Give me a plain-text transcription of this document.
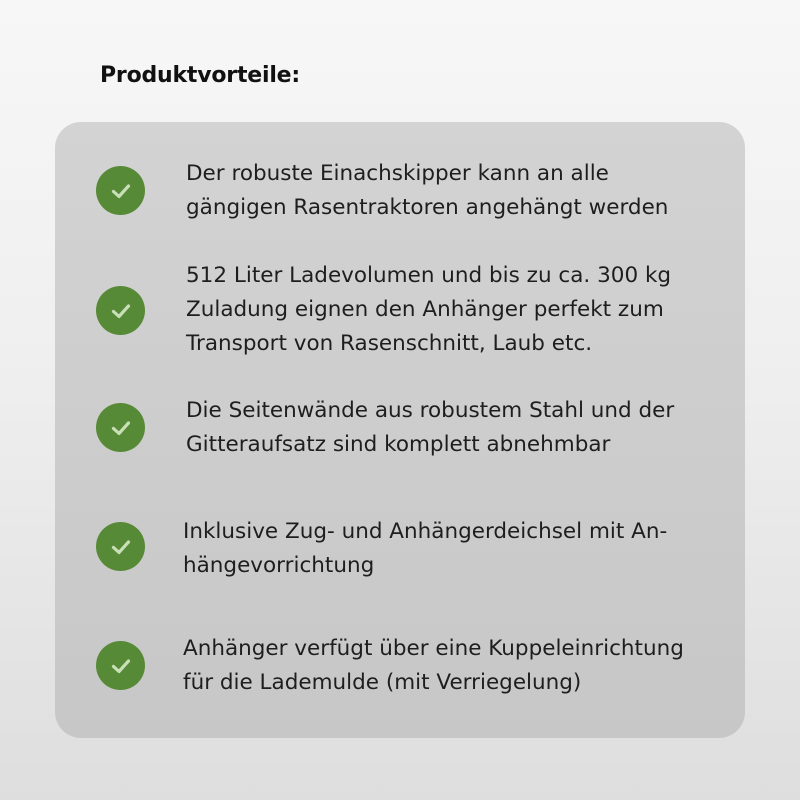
Produktvorteile:

Der robuste Einachskipper kann an alle
gängigen Rasentraktoren angehängt werden

512 Liter Ladevolumen und bis zu ca. 300 kg
Zuladung eignen den Anhänger perfekt zum
Transport von Rasenschnitt, Laub etc.

Die Seitenwände aus robustem Stahl und der
Gitteraufsatz sind komplett abnehmbar

Inklusive Zug- und Anhängerdeichsel mit An-
hängevorrichtung

Anhänger verfügt über eine Kuppeleinrichtung
für die Lademulde (mit Verriegelung)
